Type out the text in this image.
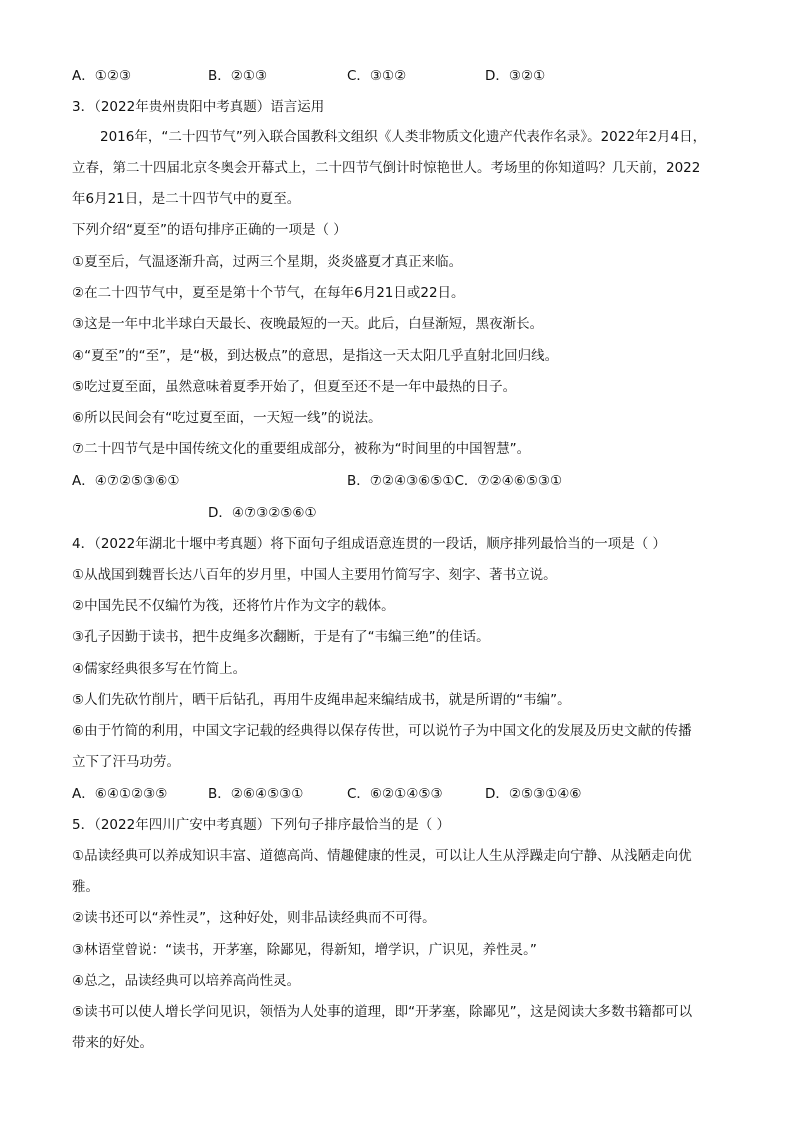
A．①②③	B．②①③	C．③①②	D．③②①
3．（2022年贵州贵阳中考真题）语言运用
2016年，“二十四节气”列入联合国教科文组织《人类非物质文化遗产代表作名录》。2022年2月4日，
立春，第二十四届北京冬奥会开幕式上，二十四节气倒计时惊艳世人。考场里的你知道吗？几天前，2022
年6月21日，是二十四节气中的夏至。
下列介绍“夏至”的语句排序正确的一项是（ ）
①夏至后，气温逐渐升高，过两三个星期，炎炎盛夏才真正来临。
②在二十四节气中，夏至是第十个节气，在每年6月21日或22日。
③这是一年中北半球白天最长、夜晚最短的一天。此后，白昼渐短，黑夜渐长。
④“夏至”的“至”，是“极，到达极点”的意思，是指这一天太阳几乎直射北回归线。
⑤吃过夏至面，虽然意味着夏季开始了，但夏至还不是一年中最热的日子。
⑥所以民间会有“吃过夏至面，一天短一线”的说法。
⑦二十四节气是中国传统文化的重要组成部分，被称为“时间里的中国智慧”。
A．④⑦②⑤③⑥①	B．⑦②④③⑥⑤①C．⑦②④⑥⑤③①
D．④⑦③②⑤⑥①
4．（2022年湖北十堰中考真题）将下面句子组成语意连贯的一段话，顺序排列最恰当的一项是（ ）
①从战国到魏晋长达八百年的岁月里，中国人主要用竹简写字、刻字、著书立说。
②中国先民不仅编竹为筏，还将竹片作为文字的载体。
③孔子因勤于读书，把牛皮绳多次翻断，于是有了“韦编三绝”的佳话。
④儒家经典很多写在竹简上。
⑤人们先砍竹削片，晒干后钻孔，再用牛皮绳串起来编结成书，就是所谓的“韦编”。
⑥由于竹简的利用，中国文字记载的经典得以保存传世，可以说竹子为中国文化的发展及历史文献的传播
立下了汗马功劳。
A．⑥④①②③⑤	B．②⑥④⑤③①	C．⑥②①④⑤③	D．②⑤③①④⑥
5．（2022年四川广安中考真题）下列句子排序最恰当的是（ ）
①品读经典可以养成知识丰富、道德高尚、情趣健康的性灵，可以让人生从浮躁走向宁静、从浅陋走向优
雅。
②读书还可以“养性灵”，这种好处，则非品读经典而不可得。
③林语堂曾说：“读书，开茅塞，除鄙见，得新知，增学识，广识见，养性灵。”
④总之，品读经典可以培养高尚性灵。
⑤读书可以使人增长学问见识，领悟为人处事的道理，即“开茅塞，除鄙见”，这是阅读大多数书籍都可以
带来的好处。
